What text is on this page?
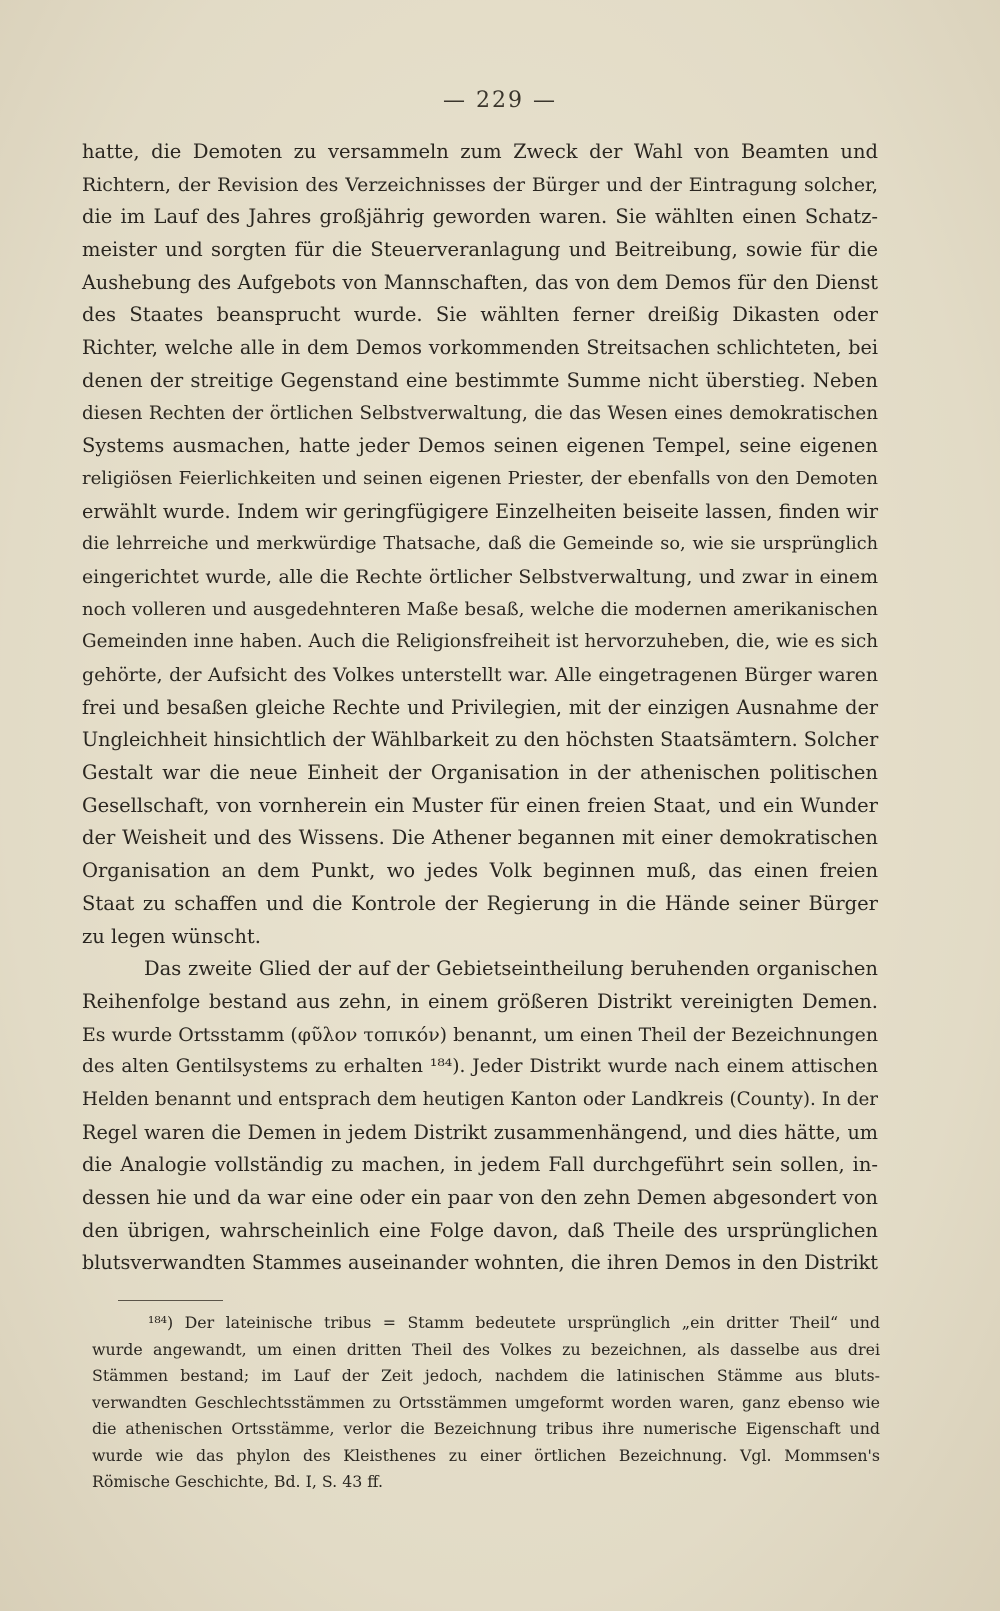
— 229 —
hatte, die Demoten zu versammeln zum Zweck der Wahl von Beamten und
Richtern, der Revision des Verzeichnisses der Bürger und der Eintragung solcher,
die im Lauf des Jahres großjährig geworden waren. Sie wählten einen Schatz-
meister und sorgten für die Steuerveranlagung und Beitreibung, sowie für die
Aushebung des Aufgebots von Mannschaften, das von dem Demos für den Dienst
des Staates beansprucht wurde. Sie wählten ferner dreißig Dikasten oder
Richter, welche alle in dem Demos vorkommenden Streitsachen schlichteten, bei
denen der streitige Gegenstand eine bestimmte Summe nicht überstieg. Neben
diesen Rechten der örtlichen Selbstverwaltung, die das Wesen eines demokratischen
Systems ausmachen, hatte jeder Demos seinen eigenen Tempel, seine eigenen
religiösen Feierlichkeiten und seinen eigenen Priester, der ebenfalls von den Demoten
erwählt wurde. Indem wir geringfügigere Einzelheiten beiseite lassen, finden wir
die lehrreiche und merkwürdige Thatsache, daß die Gemeinde so, wie sie ursprünglich
eingerichtet wurde, alle die Rechte örtlicher Selbstverwaltung, und zwar in einem
noch volleren und ausgedehnteren Maße besaß, welche die modernen amerikanischen
Gemeinden inne haben. Auch die Religionsfreiheit ist hervorzuheben, die, wie es sich
gehörte, der Aufsicht des Volkes unterstellt war. Alle eingetragenen Bürger waren
frei und besaßen gleiche Rechte und Privilegien, mit der einzigen Ausnahme der
Ungleichheit hinsichtlich der Wählbarkeit zu den höchsten Staatsämtern. Solcher
Gestalt war die neue Einheit der Organisation in der athenischen politischen
Gesellschaft, von vornherein ein Muster für einen freien Staat, und ein Wunder
der Weisheit und des Wissens. Die Athener begannen mit einer demokratischen
Organisation an dem Punkt, wo jedes Volk beginnen muß, das einen freien
Staat zu schaffen und die Kontrole der Regierung in die Hände seiner Bürger
zu legen wünscht.
Das zweite Glied der auf der Gebietseintheilung beruhenden organischen
Reihenfolge bestand aus zehn, in einem größeren Distrikt vereinigten Demen.
Es wurde Ortsstamm (φῦλον τοπικόν) benannt, um einen Theil der Bezeichnungen
des alten Gentilsystems zu erhalten ¹⁸⁴). Jeder Distrikt wurde nach einem attischen
Helden benannt und entsprach dem heutigen Kanton oder Landkreis (County). In der
Regel waren die Demen in jedem Distrikt zusammenhängend, und dies hätte, um
die Analogie vollständig zu machen, in jedem Fall durchgeführt sein sollen, in-
dessen hie und da war eine oder ein paar von den zehn Demen abgesondert von
den übrigen, wahrscheinlich eine Folge davon, daß Theile des ursprünglichen
blutsverwandten Stammes auseinander wohnten, die ihren Demos in den Distrikt
¹⁸⁴) Der lateinische tribus = Stamm bedeutete ursprünglich „ein dritter Theil“ und
wurde angewandt, um einen dritten Theil des Volkes zu bezeichnen, als dasselbe aus drei
Stämmen bestand; im Lauf der Zeit jedoch, nachdem die latinischen Stämme aus bluts-
verwandten Geschlechtsstämmen zu Ortsstämmen umgeformt worden waren, ganz ebenso wie
die athenischen Ortsstämme, verlor die Bezeichnung tribus ihre numerische Eigenschaft und
wurde wie das phylon des Kleisthenes zu einer örtlichen Bezeichnung. Vgl. Mommsen's
Römische Geschichte, Bd. I, S. 43 ff.
